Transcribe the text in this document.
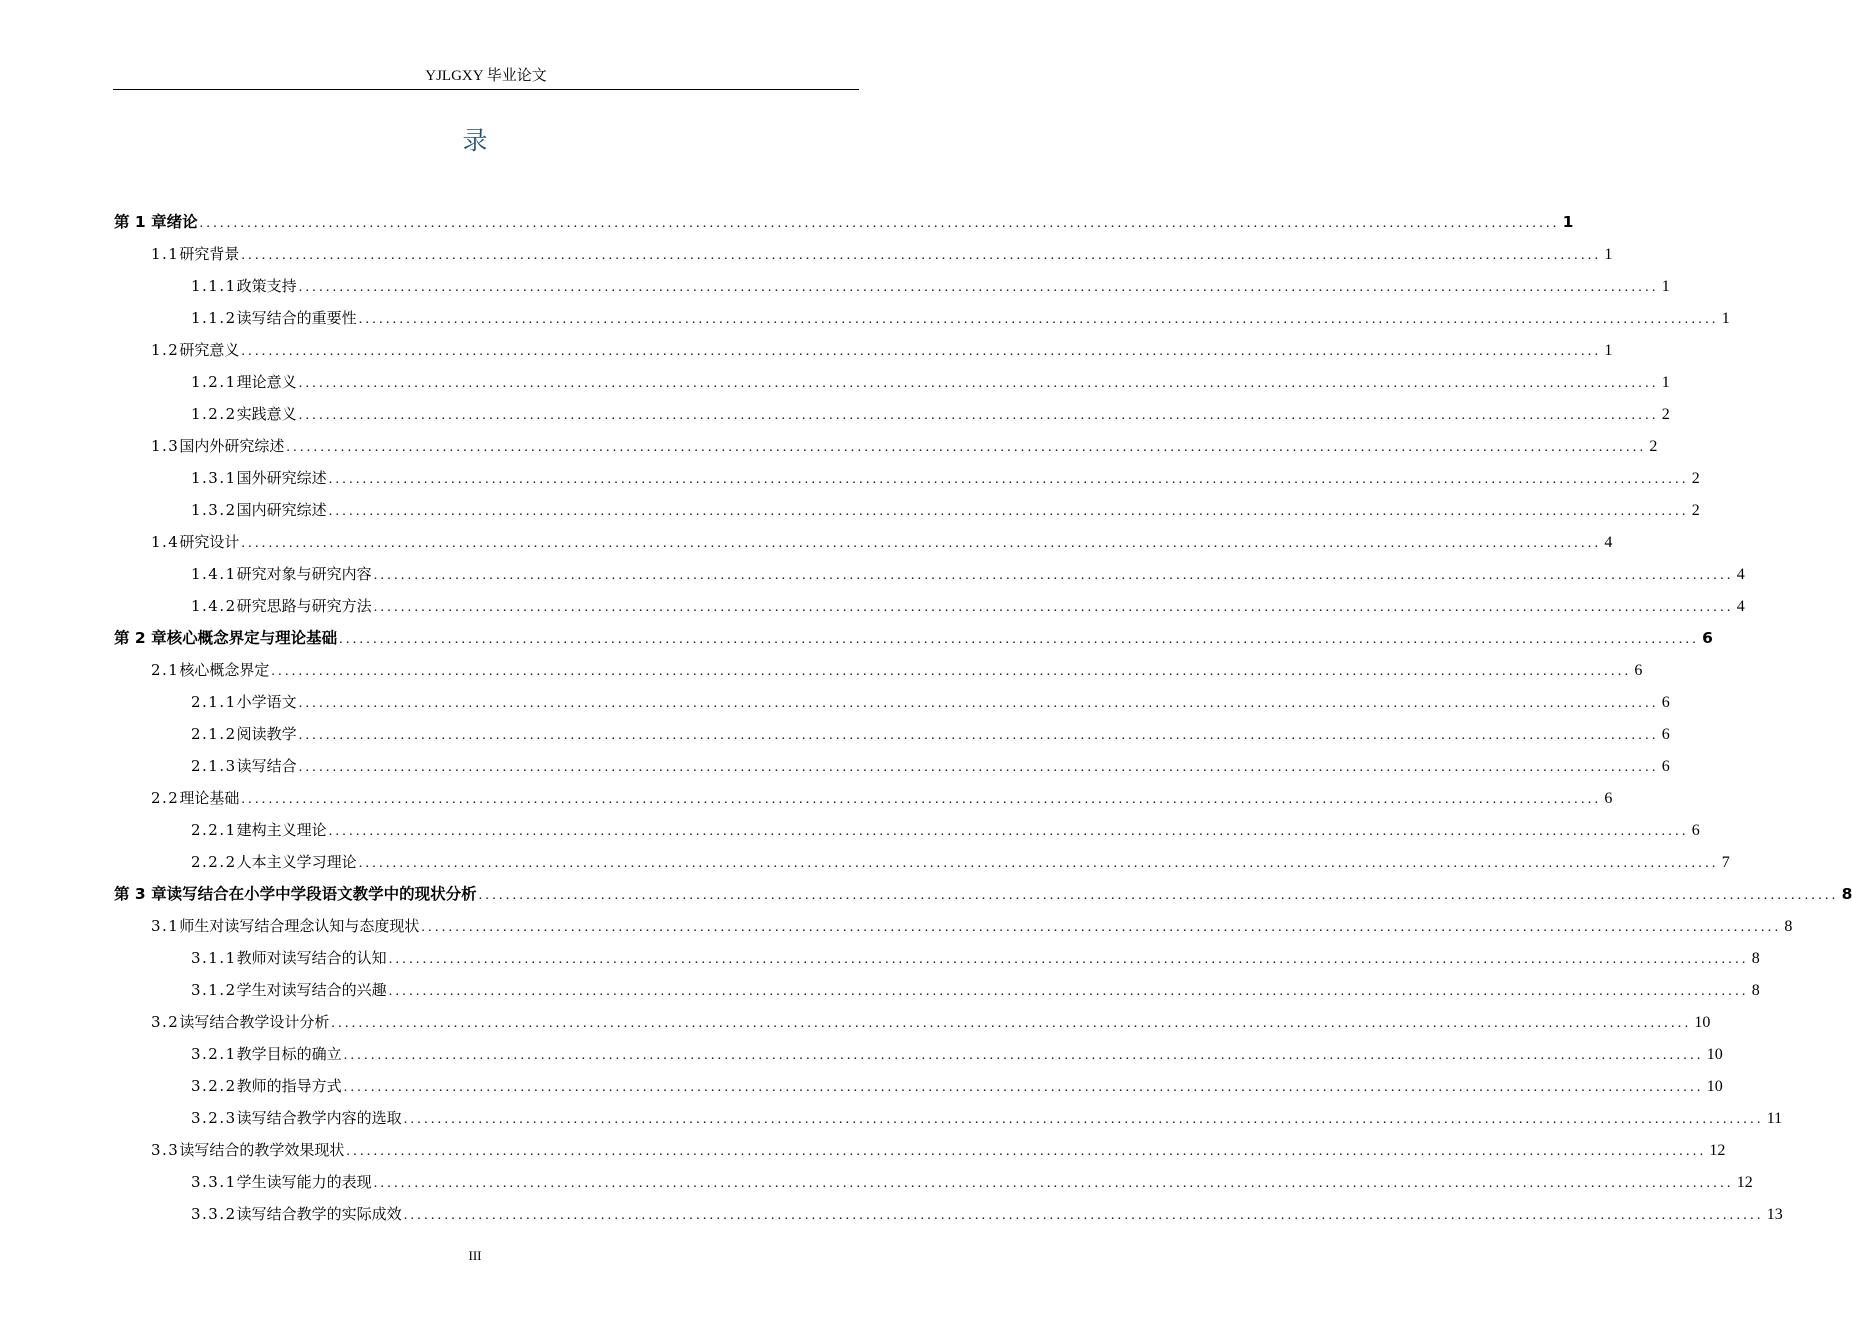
YJLGXY 毕业论文
录
第 1 章 绪论 ........................................................................................................................................................................................................ 1
1.1 研究背景 ........................................................................................................................................................................................................ 1
1.1.1 政策支持 ........................................................................................................................................................................................................ 1
1.1.2 读写结合的重要性 ........................................................................................................................................................................................................ 1
1.2 研究意义 ........................................................................................................................................................................................................ 1
1.2.1 理论意义 ........................................................................................................................................................................................................ 1
1.2.2 实践意义 ........................................................................................................................................................................................................ 2
1.3 国内外研究综述 ........................................................................................................................................................................................................ 2
1.3.1 国外研究综述 ........................................................................................................................................................................................................ 2
1.3.2 国内研究综述 ........................................................................................................................................................................................................ 2
1.4 研究设计 ........................................................................................................................................................................................................ 4
1.4.1 研究对象与研究内容 ........................................................................................................................................................................................................ 4
1.4.2 研究思路与研究方法 ........................................................................................................................................................................................................ 4
第 2 章 核心概念界定与理论基础 ........................................................................................................................................................................................................ 6
2.1 核心概念界定 ........................................................................................................................................................................................................ 6
2.1.1 小学语文 ........................................................................................................................................................................................................ 6
2.1.2 阅读教学 ........................................................................................................................................................................................................ 6
2.1.3 读写结合 ........................................................................................................................................................................................................ 6
2.2 理论基础 ........................................................................................................................................................................................................ 6
2.2.1 建构主义理论 ........................................................................................................................................................................................................ 6
2.2.2 人本主义学习理论 ........................................................................................................................................................................................................ 7
第 3 章 读写结合在小学中学段语文教学中的现状分析 ........................................................................................................................................................................................................ 8
3.1 师生对读写结合理念认知与态度现状 ........................................................................................................................................................................................................ 8
3.1.1 教师对读写结合的认知 ........................................................................................................................................................................................................ 8
3.1.2 学生对读写结合的兴趣 ........................................................................................................................................................................................................ 8
3.2 读写结合教学设计分析 ........................................................................................................................................................................................................ 10
3.2.1 教学目标的确立 ........................................................................................................................................................................................................ 10
3.2.2 教师的指导方式 ........................................................................................................................................................................................................ 10
3.2.3 读写结合教学内容的选取 ........................................................................................................................................................................................................ 11
3.3 读写结合的教学效果现状 ........................................................................................................................................................................................................ 12
3.3.1 学生读写能力的表现 ........................................................................................................................................................................................................ 12
3.3.2 读写结合教学的实际成效 ........................................................................................................................................................................................................ 13
III
